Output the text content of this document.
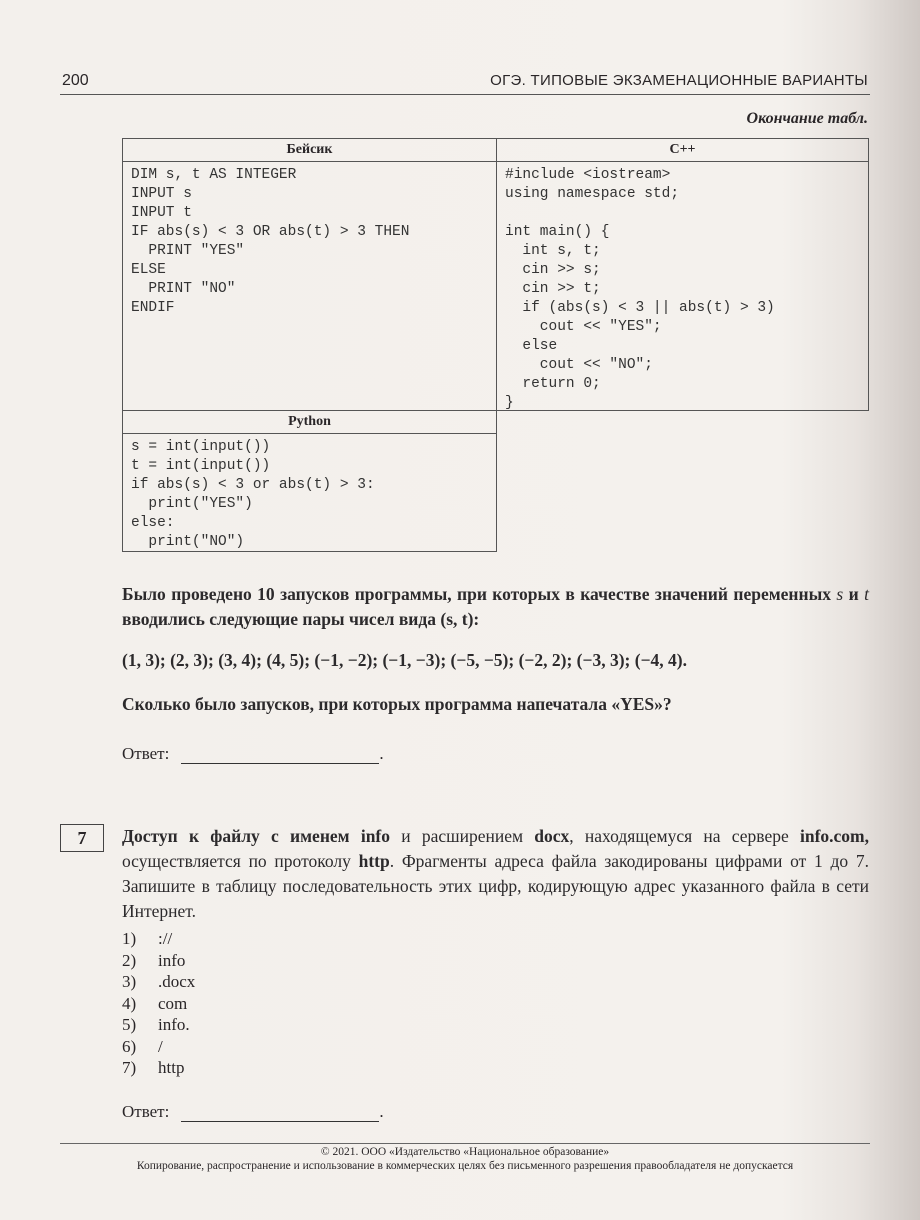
200	ОГЭ. ТИПОВЫЕ ЭКЗАМЕНАЦИОННЫЕ ВАРИАНТЫ
Окончание табл.
Бейсик
DIM s, t AS INTEGER
INPUT s
INPUT t
IF abs(s) < 3 OR abs(t) > 3 THEN
PRINT "YES"
ELSE
PRINT "NO"
ENDIF
C++
#include <iostream>
using namespace std;

int main() {
int s, t;
cin >> s;
cin >> t;
if (abs(s) < 3 || abs(t) > 3)
cout << "YES";
else
cout << "NO";
return 0;
}
Python
s = int(input())
t = int(input())
if abs(s) < 3 or abs(t) > 3:
print("YES")
else:
print("NO")
Было проведено 10 запусков программы, при которых в качестве значений переменных s и t вводились следующие пары чисел вида (s, t):
(1, 3); (2, 3); (3, 4); (4, 5); (−1, −2); (−1, −3); (−5, −5); (−2, 2); (−3, 3); (−4, 4).
Сколько было запусков, при которых программа напечатала «YES»?
Ответ:	.
7	Доступ к файлу с именем info и расширением docx, находящемуся на сервере info.com, осуществляется по протоколу http. Фрагменты адреса файла закодированы цифрами от 1 до 7. Запишите в таблицу последовательность этих цифр, кодирующую адрес указанного файла в сети Интернет.
1) ://
2) info
3) .docx
4) com
5) info.
6) /
7) http
Ответ:	.
© 2021. ООО «Издательство «Национальное образование»
Копирование, распространение и использование в коммерческих целях без письменного разрешения правообладателя не допускается
